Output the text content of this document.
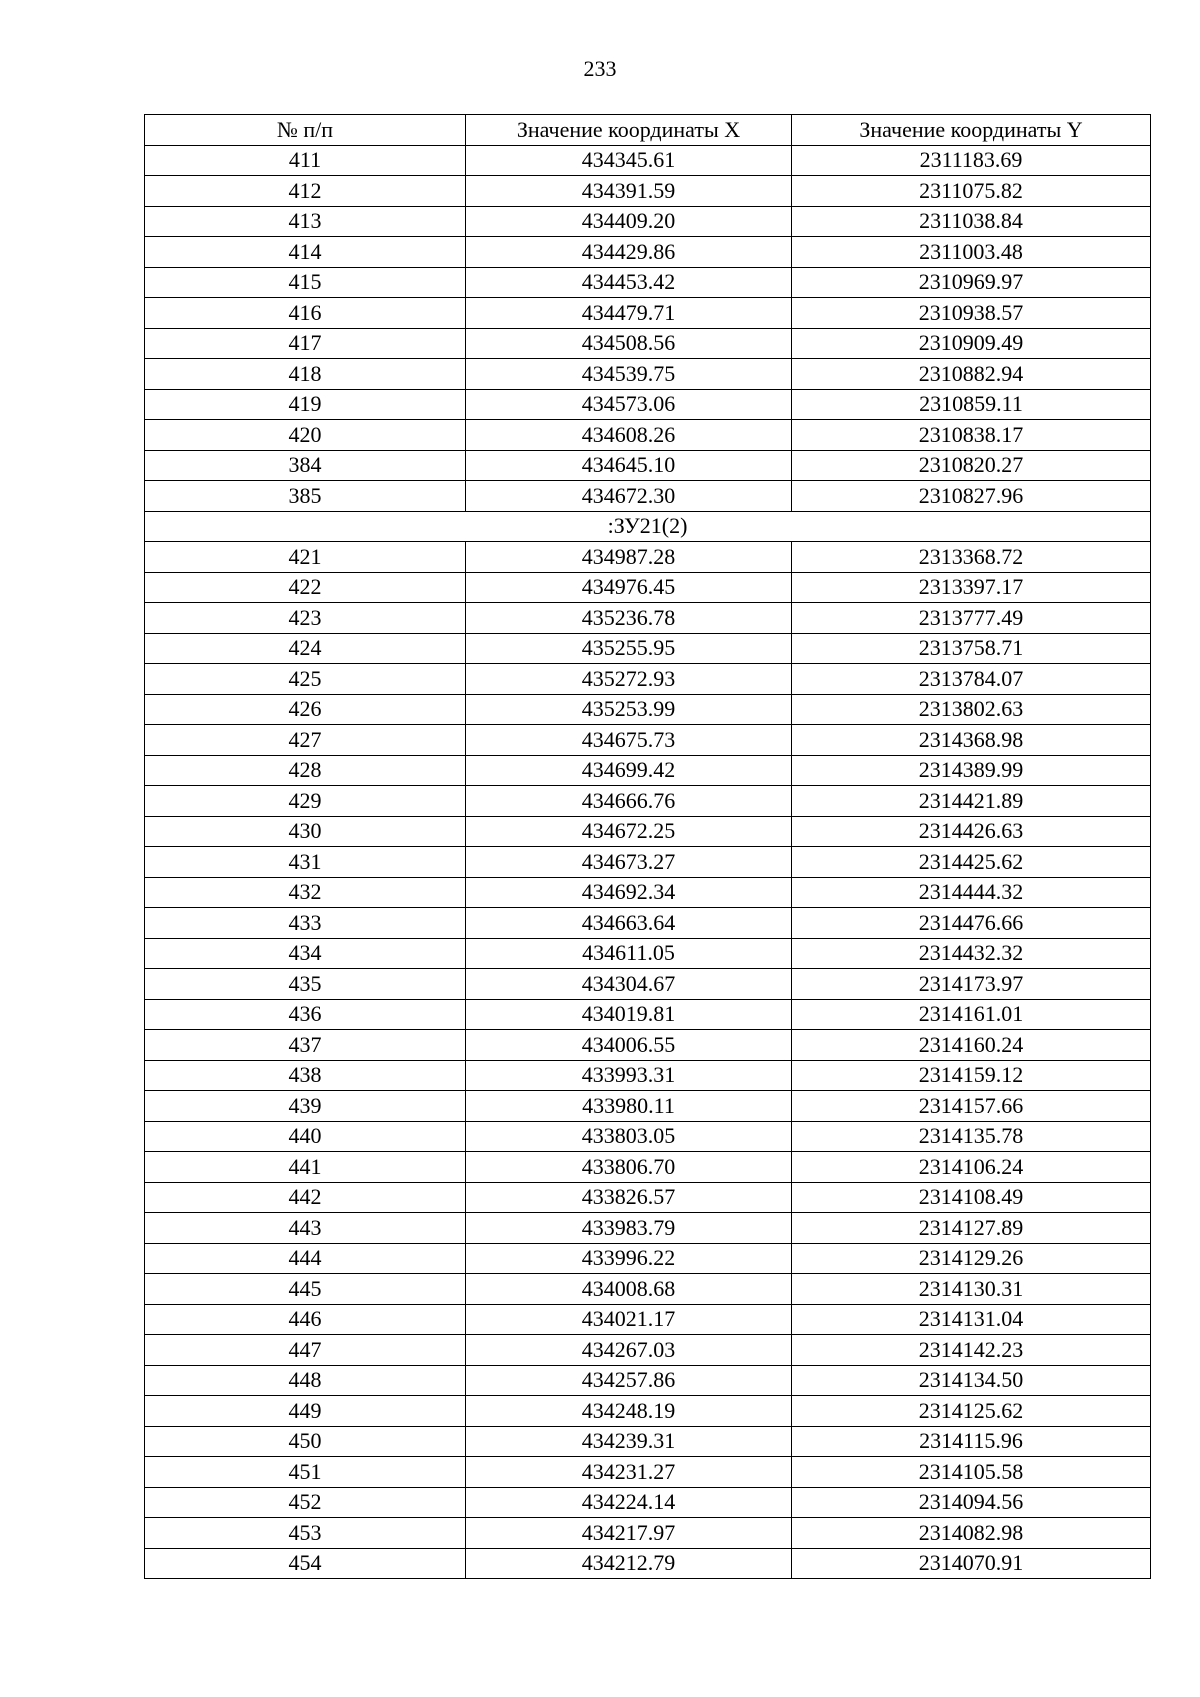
233
№ п/п	Значение координаты X	Значение координаты Y
411	434345.61	2311183.69
412	434391.59	2311075.82
413	434409.20	2311038.84
414	434429.86	2311003.48
415	434453.42	2310969.97
416	434479.71	2310938.57
417	434508.56	2310909.49
418	434539.75	2310882.94
419	434573.06	2310859.11
420	434608.26	2310838.17
384	434645.10	2310820.27
385	434672.30	2310827.96
:ЗУ21(2)		
421	434987.28	2313368.72
422	434976.45	2313397.17
423	435236.78	2313777.49
424	435255.95	2313758.71
425	435272.93	2313784.07
426	435253.99	2313802.63
427	434675.73	2314368.98
428	434699.42	2314389.99
429	434666.76	2314421.89
430	434672.25	2314426.63
431	434673.27	2314425.62
432	434692.34	2314444.32
433	434663.64	2314476.66
434	434611.05	2314432.32
435	434304.67	2314173.97
436	434019.81	2314161.01
437	434006.55	2314160.24
438	433993.31	2314159.12
439	433980.11	2314157.66
440	433803.05	2314135.78
441	433806.70	2314106.24
442	433826.57	2314108.49
443	433983.79	2314127.89
444	433996.22	2314129.26
445	434008.68	2314130.31
446	434021.17	2314131.04
447	434267.03	2314142.23
448	434257.86	2314134.50
449	434248.19	2314125.62
450	434239.31	2314115.96
451	434231.27	2314105.58
452	434224.14	2314094.56
453	434217.97	2314082.98
454	434212.79	2314070.91
